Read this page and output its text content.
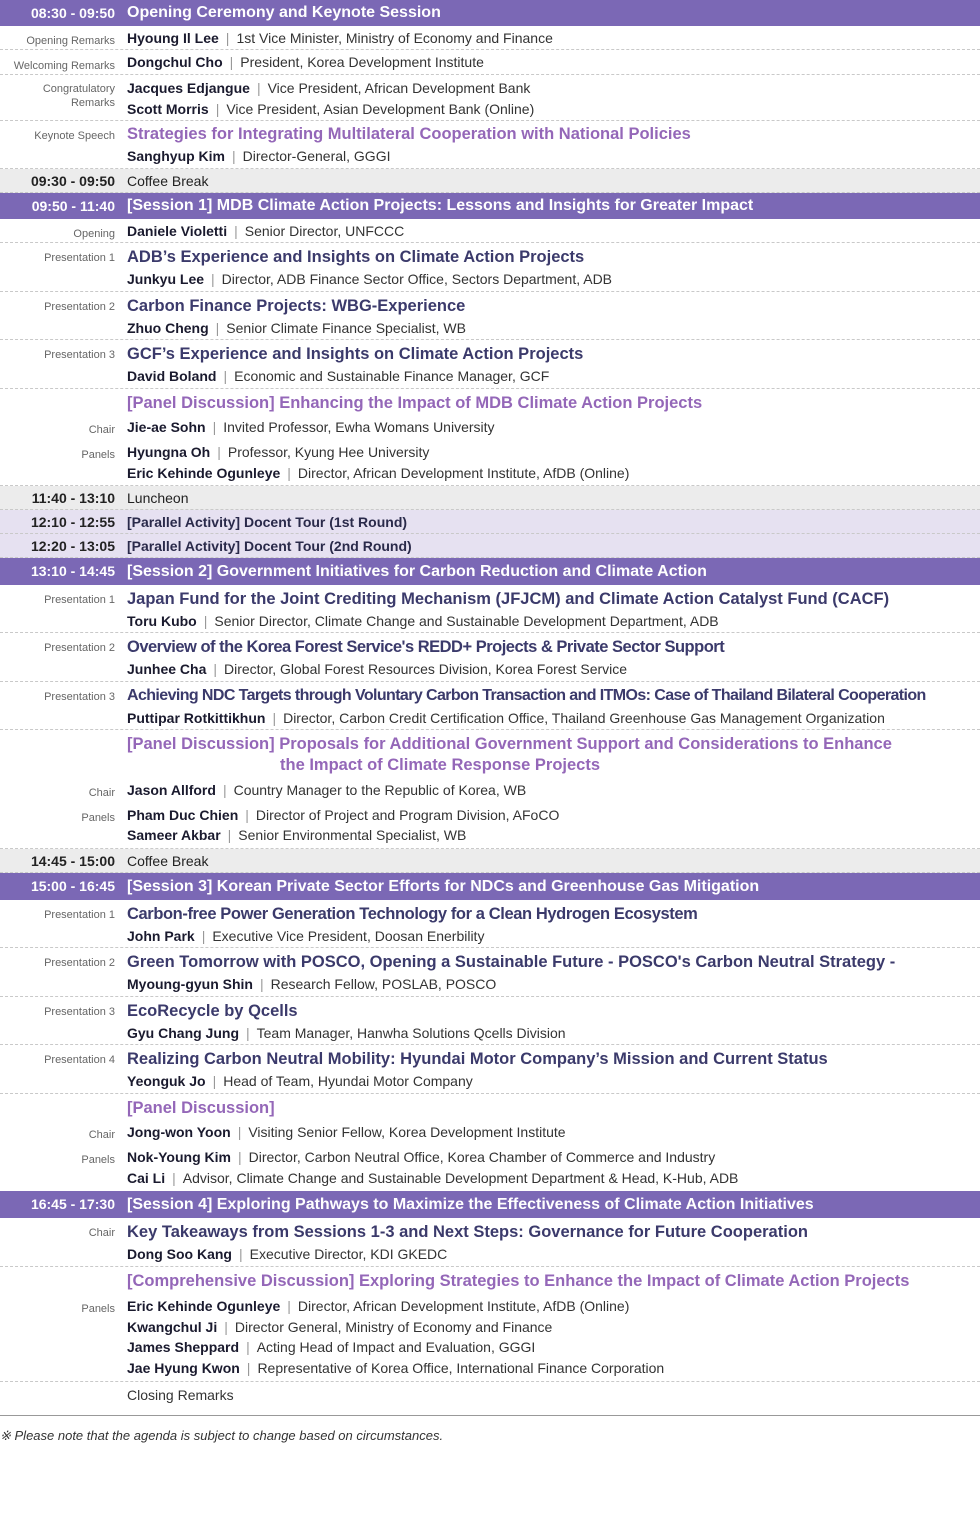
08:30 - 09:50 Opening Ceremony and Keynote Session
Opening Remarks Hyoung Il Lee | 1st Vice Minister, Ministry of Economy and Finance
Welcoming Remarks Dongchul Cho | President, Korea Development Institute
Congratulatory
Remarks
Jacques Edjangue | Vice President, African Development Bank
Scott Morris | Vice President, Asian Development Bank (Online)
Keynote Speech Strategies for Integrating Multilateral Cooperation with National Policies
Sanghyup Kim | Director-General, GGGI
09:30 - 09:50 Coffee Break
09:50 - 11:40 [Session 1] MDB Climate Action Projects: Lessons and Insights for Greater Impact
Opening Daniele Violetti | Senior Director, UNFCCC
Presentation 1 ADB’s Experience and Insights on Climate Action Projects
Junkyu Lee | Director, ADB Finance Sector Office, Sectors Department, ADB
Presentation 2 Carbon Finance Projects: WBG-Experience
Zhuo Cheng | Senior Climate Finance Specialist, WB
Presentation 3 GCF’s Experience and Insights on Climate Action Projects
David Boland | Economic and Sustainable Finance Manager, GCF
[Panel Discussion] Enhancing the Impact of MDB Climate Action Projects
Chair Jie-ae Sohn | Invited Professor, Ewha Womans University
Panels Hyungna Oh | Professor, Kyung Hee University
Eric Kehinde Ogunleye | Director, African Development Institute, AfDB (Online)
11:40 - 13:10 Luncheon
12:10 - 12:55 [Parallel Activity] Docent Tour (1st Round)
12:20 - 13:05 [Parallel Activity] Docent Tour (2nd Round)
13:10 - 14:45 [Session 2] Government Initiatives for Carbon Reduction and Climate Action
Presentation 1 Japan Fund for the Joint Crediting Mechanism (JFJCM) and Climate Action Catalyst Fund (CACF)
Toru Kubo | Senior Director, Climate Change and Sustainable Development Department, ADB
Presentation 2 Overview of the Korea Forest Service's REDD+ Projects & Private Sector Support
Junhee Cha | Director, Global Forest Resources Division, Korea Forest Service
Presentation 3 Achieving NDC Targets through Voluntary Carbon Transaction and ITMOs: Case of Thailand Bilateral Cooperation
Puttipar Rotkittikhun | Director, Carbon Credit Certification Office, Thailand Greenhouse Gas Management Organization
[Panel Discussion] Proposals for Additional Government Support and Considerations to Enhance
the Impact of Climate Response Projects
Chair Jason Allford | Country Manager to the Republic of Korea, WB
Panels Pham Duc Chien | Director of Project and Program Division, AFoCO
Sameer Akbar | Senior Environmental Specialist, WB
14:45 - 15:00 Coffee Break
15:00 - 16:45 [Session 3] Korean Private Sector Efforts for NDCs and Greenhouse Gas Mitigation
Presentation 1 Carbon-free Power Generation Technology for a Clean Hydrogen Ecosystem
John Park | Executive Vice President, Doosan Enerbility
Presentation 2 Green Tomorrow with POSCO, Opening a Sustainable Future - POSCO's Carbon Neutral Strategy -
Myoung-gyun Shin | Research Fellow, POSLAB, POSCO
Presentation 3 EcoRecycle by Qcells
Gyu Chang Jung | Team Manager, Hanwha Solutions Qcells Division
Presentation 4 Realizing Carbon Neutral Mobility: Hyundai Motor Company’s Mission and Current Status
Yeonguk Jo | Head of Team, Hyundai Motor Company
[Panel Discussion]
Chair Jong-won Yoon | Visiting Senior Fellow, Korea Development Institute
Panels Nok-Young Kim | Director, Carbon Neutral Office, Korea Chamber of Commerce and Industry
Cai Li | Advisor, Climate Change and Sustainable Development Department & Head, K-Hub, ADB
16:45 - 17:30 [Session 4] Exploring Pathways to Maximize the Effectiveness of Climate Action Initiatives
Chair Key Takeaways from Sessions 1-3 and Next Steps: Governance for Future Cooperation
Dong Soo Kang | Executive Director, KDI GKEDC
[Comprehensive Discussion] Exploring Strategies to Enhance the Impact of Climate Action Projects
Panels Eric Kehinde Ogunleye | Director, African Development Institute, AfDB (Online)
Kwangchul Ji | Director General, Ministry of Economy and Finance
James Sheppard | Acting Head of Impact and Evaluation, GGGI
Jae Hyung Kwon | Representative of Korea Office, International Finance Corporation
Closing Remarks
※ Please note that the agenda is subject to change based on circumstances.
